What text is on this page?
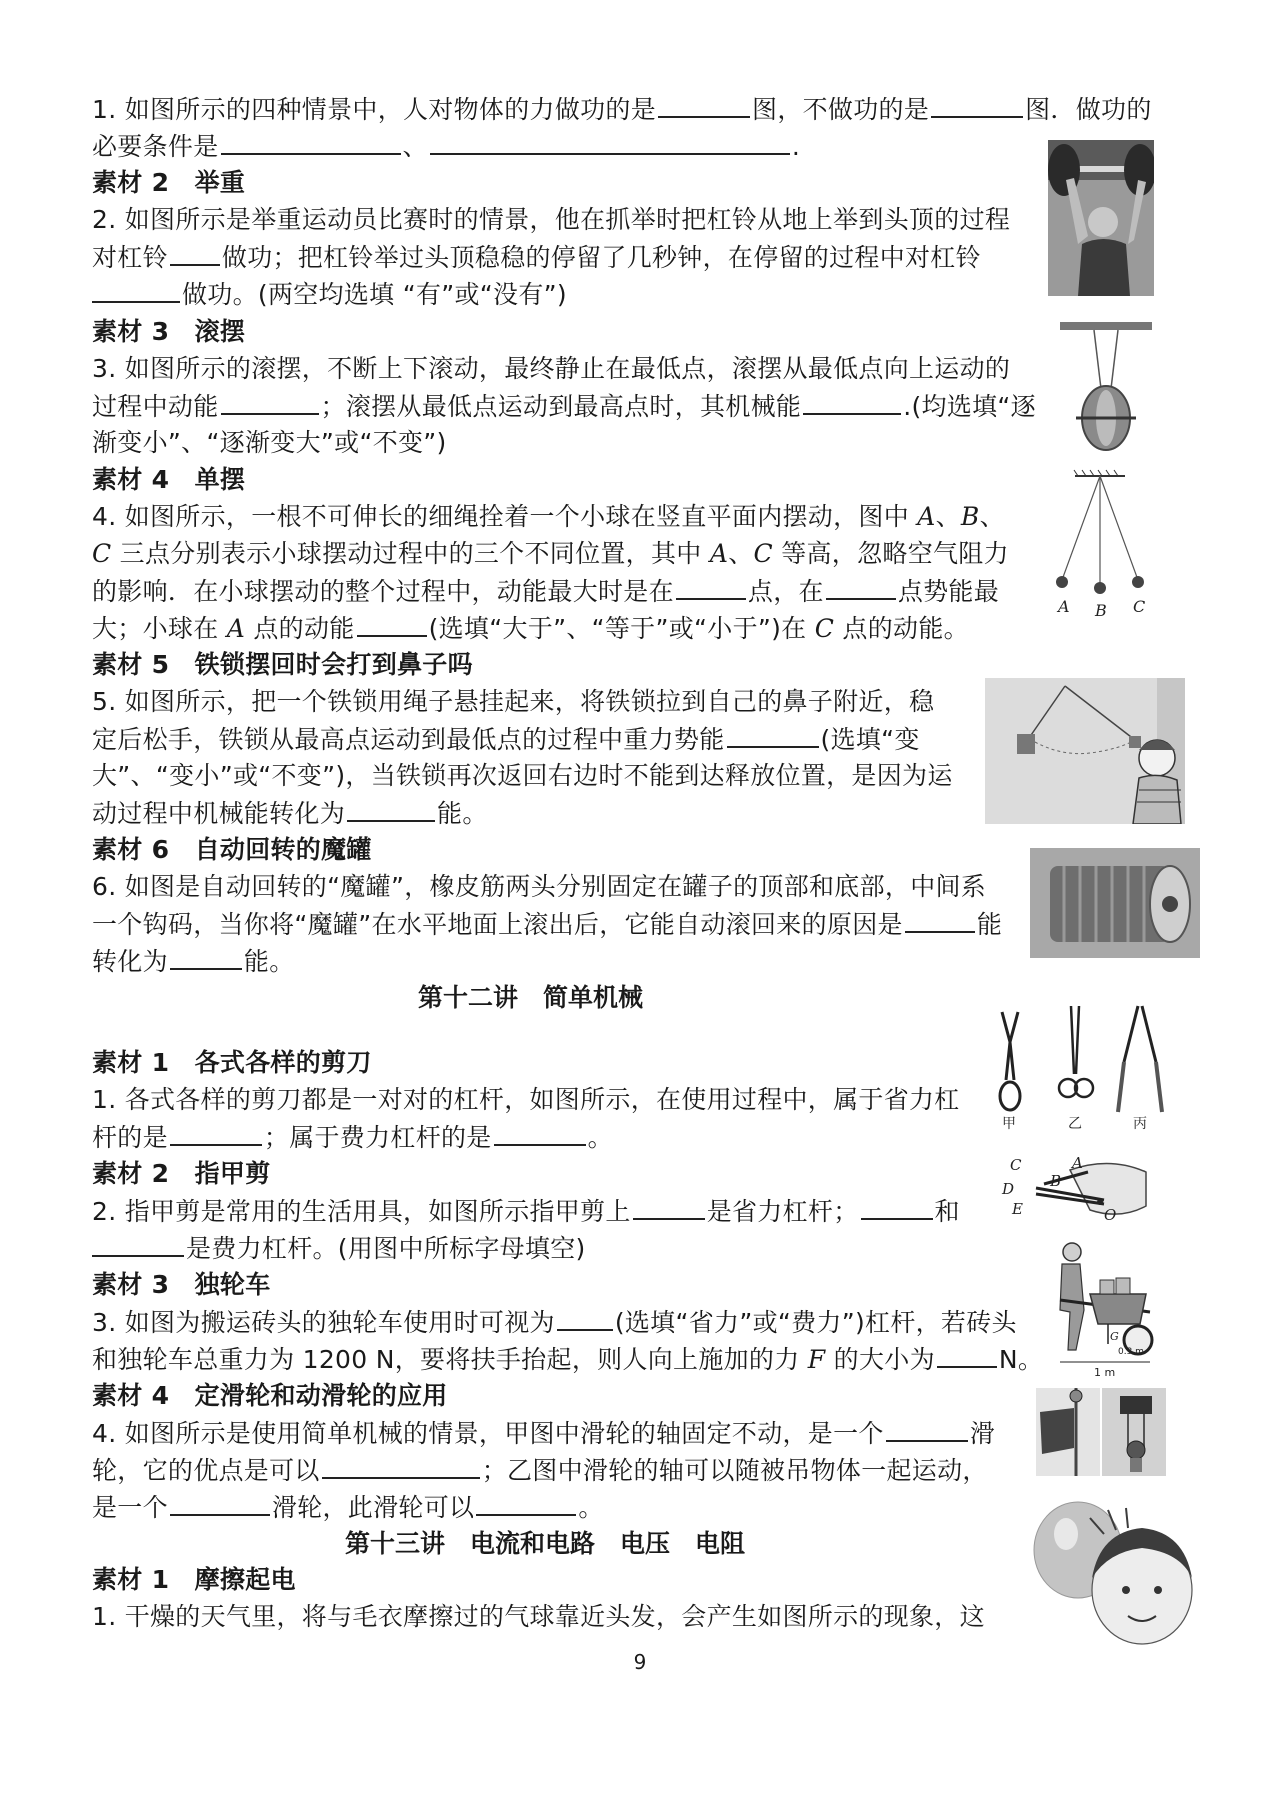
1. 如图所示的四种情景中，人对物体的力做功的是	图，不做功的是	图．做功的
必要条件是	、	.
素材 2　举重
2. 如图所示是举重运动员比赛时的情景，他在抓举时把杠铃从地上举到头顶的过程
对杠铃 做功；把杠铃举过头顶稳稳的停留了几秒钟，在停留的过程中对杠铃
做功。(两空均选填 “有”或“没有”)
素材 3　滚摆
3. 如图所示的滚摆，不断上下滚动，最终静止在最低点，滚摆从最低点向上运动的
过程中动能	；滚摆从最低点运动到最高点时，其机械能	.(均选填“逐
渐变小”、“逐渐变大”或“不变”)
素材 4　单摆
4. 如图所示，一根不可伸长的细绳拴着一个小球在竖直平面内摆动，图中 A、B、
C 三点分别表示小球摆动过程中的三个不同位置，其中 A、C 等高，忽略空气阻力
的影响．在小球摆动的整个过程中，动能最大时是在	点，在	点势能最
大；小球在 A 点的动能	(选填“大于”、“等于”或“小于”)在 C 点的动能。
素材 5　铁锁摆回时会打到鼻子吗
5. 如图所示，把一个铁锁用绳子悬挂起来，将铁锁拉到自己的鼻子附近，稳
定后松手，铁锁从最高点运动到最低点的过程中重力势能	(选填“变
大”、“变小”或“不变”)，当铁锁再次返回右边时不能到达释放位置，是因为运
动过程中机械能转化为	能。
素材 6　自动回转的魔罐
6. 如图是自动回转的“魔罐”，橡皮筋两头分别固定在罐子的顶部和底部，中间系
一个钩码，当你将“魔罐”在水平地面上滚出后，它能自动滚回来的原因是	能
转化为	能。
第十二讲　简单机械
素材 1　各式各样的剪刀
1. 各式各样的剪刀都是一对对的杠杆，如图所示，在使用过程中，属于省力杠
杆的是	；属于费力杠杆的是	。
素材 2　指甲剪
2. 指甲剪是常用的生活用具，如图所示指甲剪上	是省力杠杆；	和
是费力杠杆。(用图中所标字母填空)
素材 3　独轮车
3. 如图为搬运砖头的独轮车使用时可视为 (选填“省力”或“费力”)杠杆，若砖头
和独轮车总重力为 1200 N，要将扶手抬起，则人向上施加的力 F 的大小为	N。
素材 4　定滑轮和动滑轮的应用
4. 如图所示是使用简单机械的情景，甲图中滑轮的轴固定不动，是一个	滑
轮，它的优点是可以	；乙图中滑轮的轴可以随被吊物体一起运动，
是一个	滑轮，此滑轮可以	。
第十三讲　电流和电路　电压　电阻
素材 1　摩擦起电
1. 干燥的天气里，将与毛衣摩擦过的气球靠近头发，会产生如图所示的现象，这
9
A B C
甲	乙	丙
A
C
D B
E	O
G
0.3 m
1 m
